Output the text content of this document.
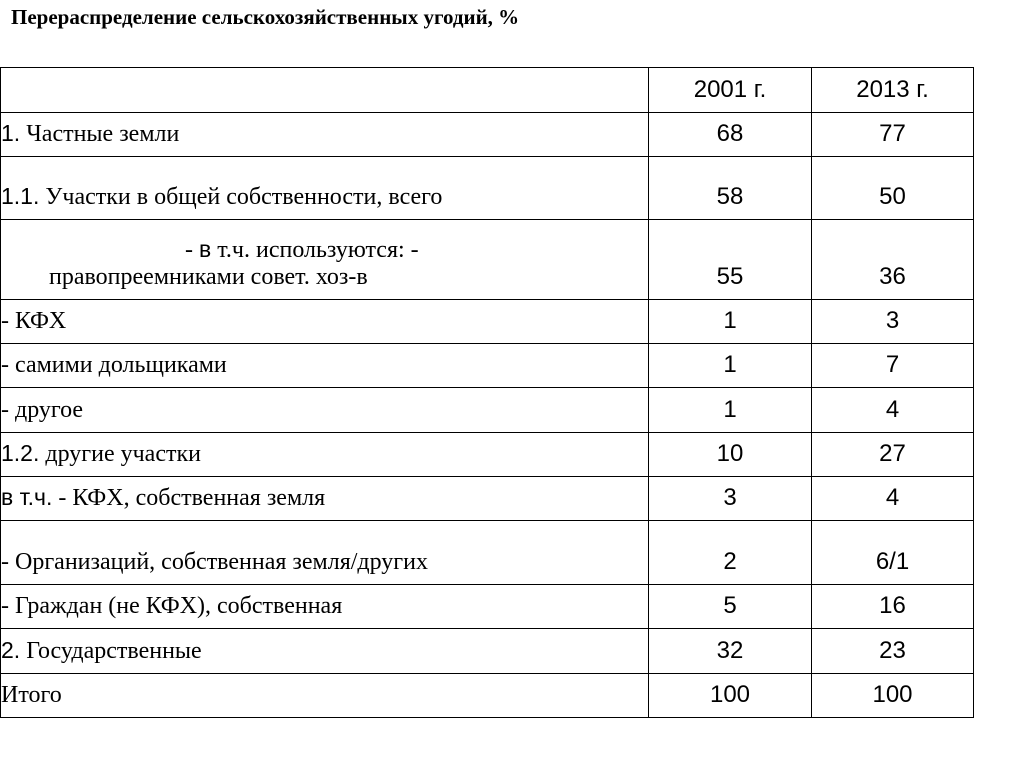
Перераспределение сельскохозяйственных угодий, %
	2001 г.	2013 г.
1. Частные земли	68	77
1.1. Участки в общей собственности, всего	58	50

- в т.ч. используются: -
правопреемниками совет. хоз-в	55	36
- КФХ	1	3
- самими дольщиками	1	7
- другое	1	4
1.2. другие участки	10	27
в т.ч. - КФХ, собственная земля	3	4
- Организаций, собственная земля/других	2	6/1
- Граждан (не КФХ), собственная	5	16
2. Государственные	32	23
Итого	100	100
